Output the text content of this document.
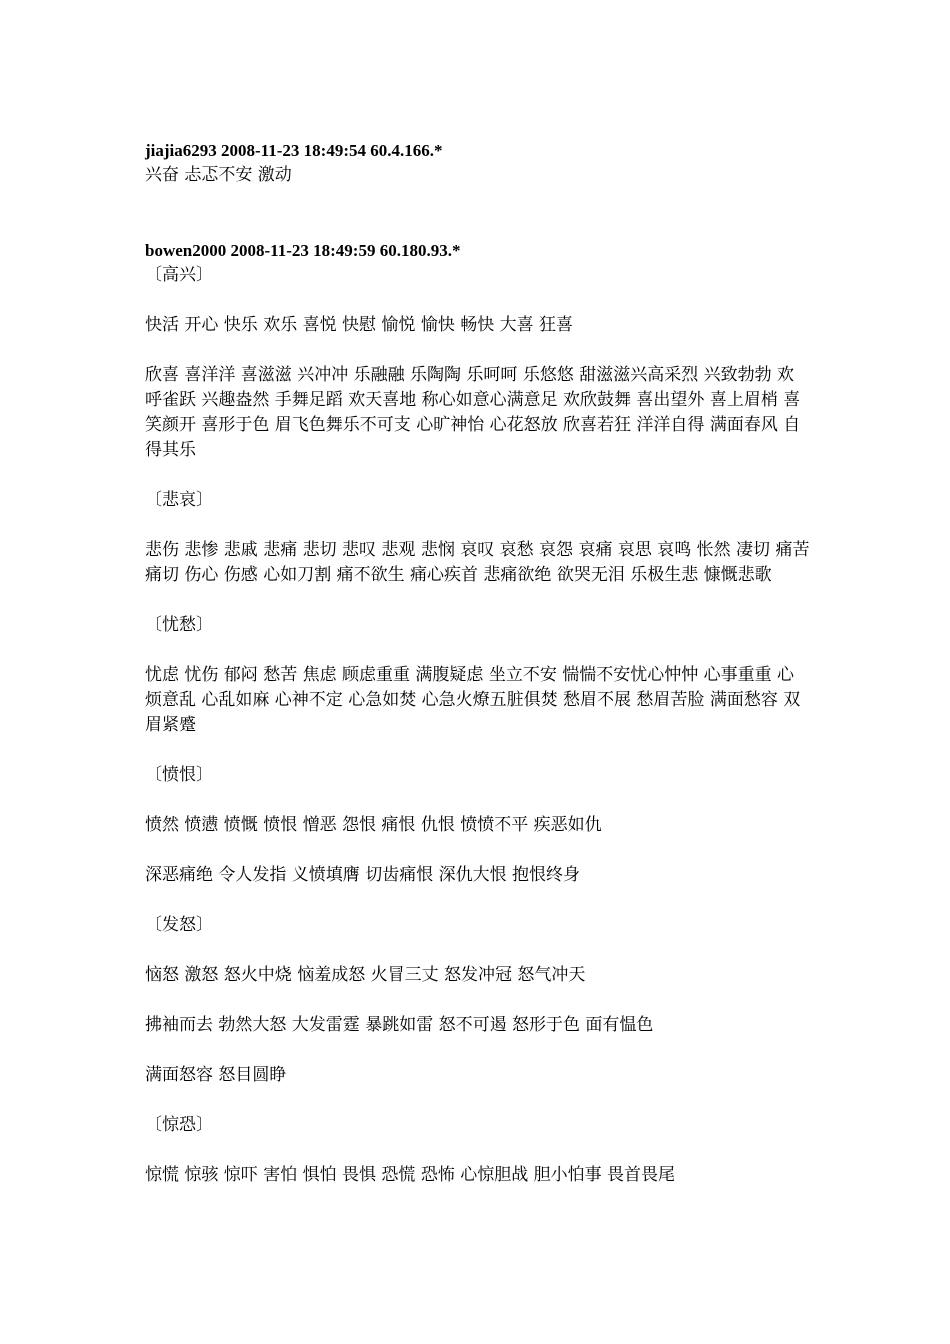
jiajia6293 2008-11-23 18:49:54 60.4.166.*

兴奋 忐忑不安 激动

bowen2000 2008-11-23 18:49:59 60.180.93.*

〔高兴〕

快活 开心 快乐 欢乐 喜悦 快慰 愉悦 愉快 畅快 大喜 狂喜

欣喜 喜洋洋 喜滋滋 兴冲冲 乐融融 乐陶陶 乐呵呵 乐悠悠 甜滋滋兴高采烈 兴致勃勃 欢呼雀跃 兴趣盎然 手舞足蹈 欢天喜地 称心如意心满意足 欢欣鼓舞 喜出望外 喜上眉梢 喜笑颜开 喜形于色 眉飞色舞乐不可支 心旷神怡 心花怒放 欣喜若狂 洋洋自得 满面春风 自得其乐

〔悲哀〕

悲伤 悲惨 悲戚 悲痛 悲切 悲叹 悲观 悲悯 哀叹 哀愁 哀怨 哀痛 哀思 哀鸣 怅然 凄切 痛苦 痛切 伤心 伤感 心如刀割 痛不欲生 痛心疾首 悲痛欲绝 欲哭无泪 乐极生悲 慷慨悲歌

〔忧愁〕

忧虑 忧伤 郁闷 愁苦 焦虑 顾虑重重 满腹疑虑 坐立不安 惴惴不安忧心忡忡 心事重重 心烦意乱 心乱如麻 心神不定 心急如焚 心急火燎五脏俱焚 愁眉不展 愁眉苦脸 满面愁容 双眉紧蹙

〔愤恨〕

愤然 愤懑 愤慨 愤恨 憎恶 怨恨 痛恨 仇恨 愤愤不平 疾恶如仇

深恶痛绝 令人发指 义愤填膺 切齿痛恨 深仇大恨 抱恨终身

〔发怒〕

恼怒 激怒 怒火中烧 恼羞成怒 火冒三丈 怒发冲冠 怒气冲天

拂袖而去 勃然大怒 大发雷霆 暴跳如雷 怒不可遏 怒形于色 面有愠色

满面怒容 怒目圆睁

〔惊恐〕

惊慌 惊骇 惊吓 害怕 惧怕 畏惧 恐慌 恐怖 心惊胆战 胆小怕事 畏首畏尾
